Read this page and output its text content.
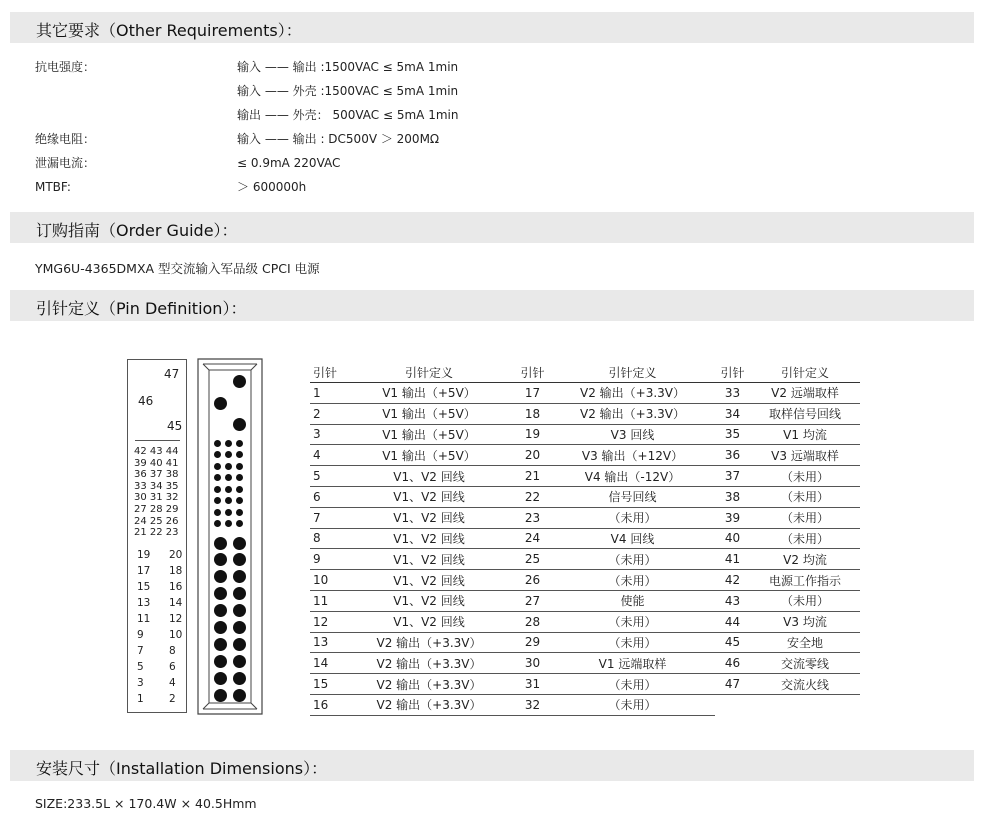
其它要求（Other Requirements）：
订购指南（Order Guide）：
引针定义（Pin Definition）：
安装尺寸（Installation Dimensions）：
抗电强度：	输入 —— 输出 :1500VAC ≤ 5mA 1min
输入 —— 外壳 :1500VAC ≤ 5mA 1min
输出 —— 外壳： 500VAC ≤ 5mA 1min
绝缘电阻：	输入 —— 输出 : DC500V ＞ 200MΩ
泄漏电流：	≤ 0.9mA 220VAC
MTBF:	＞ 600000h
YMG6U-4365DMXA 型交流输入军品级 CPCI 电源
47
46
45
42 43 44
39 40 41
36 37 38
33 34 35
30 31 32
27 28 29
24 25 26
21 22 23
19 20
17 18
15 16
13 14
11 12
9 10
7 8
5 6
3 4
1 2
引针	引针定义	引针	引针定义	引针	引针定义
1	V1 输出（+5V）	17	V2 输出（+3.3V）	33	V2 远端取样
2	V1 输出（+5V）	18	V2 输出（+3.3V）	34	取样信号回线
3	V1 输出（+5V）	19	V3 回线	35	V1 均流
4	V1 输出（+5V）	20	V3 输出（+12V）	36	V3 远端取样
5	V1、V2 回线	21	V4 输出（-12V）	37	（未用）
6	V1、V2 回线	22	信号回线	38	（未用）
7	V1、V2 回线	23	（未用）	39	（未用）
8	V1、V2 回线	24	V4 回线	40	（未用）
9	V1、V2 回线	25	（未用）	41	V2 均流
10	V1、V2 回线	26	（未用）	42	电源工作指示
11	V1、V2 回线	27	使能	43	（未用）
12	V1、V2 回线	28	（未用）	44	V3 均流
13	V2 输出（+3.3V）	29	（未用）	45	安全地
14	V2 输出（+3.3V）	30	V1 远端取样	46	交流零线
15	V2 输出（+3.3V）	31	（未用）	47	交流火线
16	V2 输出（+3.3V）	32	（未用）		
SIZE:233.5L × 170.4W × 40.5Hmm
